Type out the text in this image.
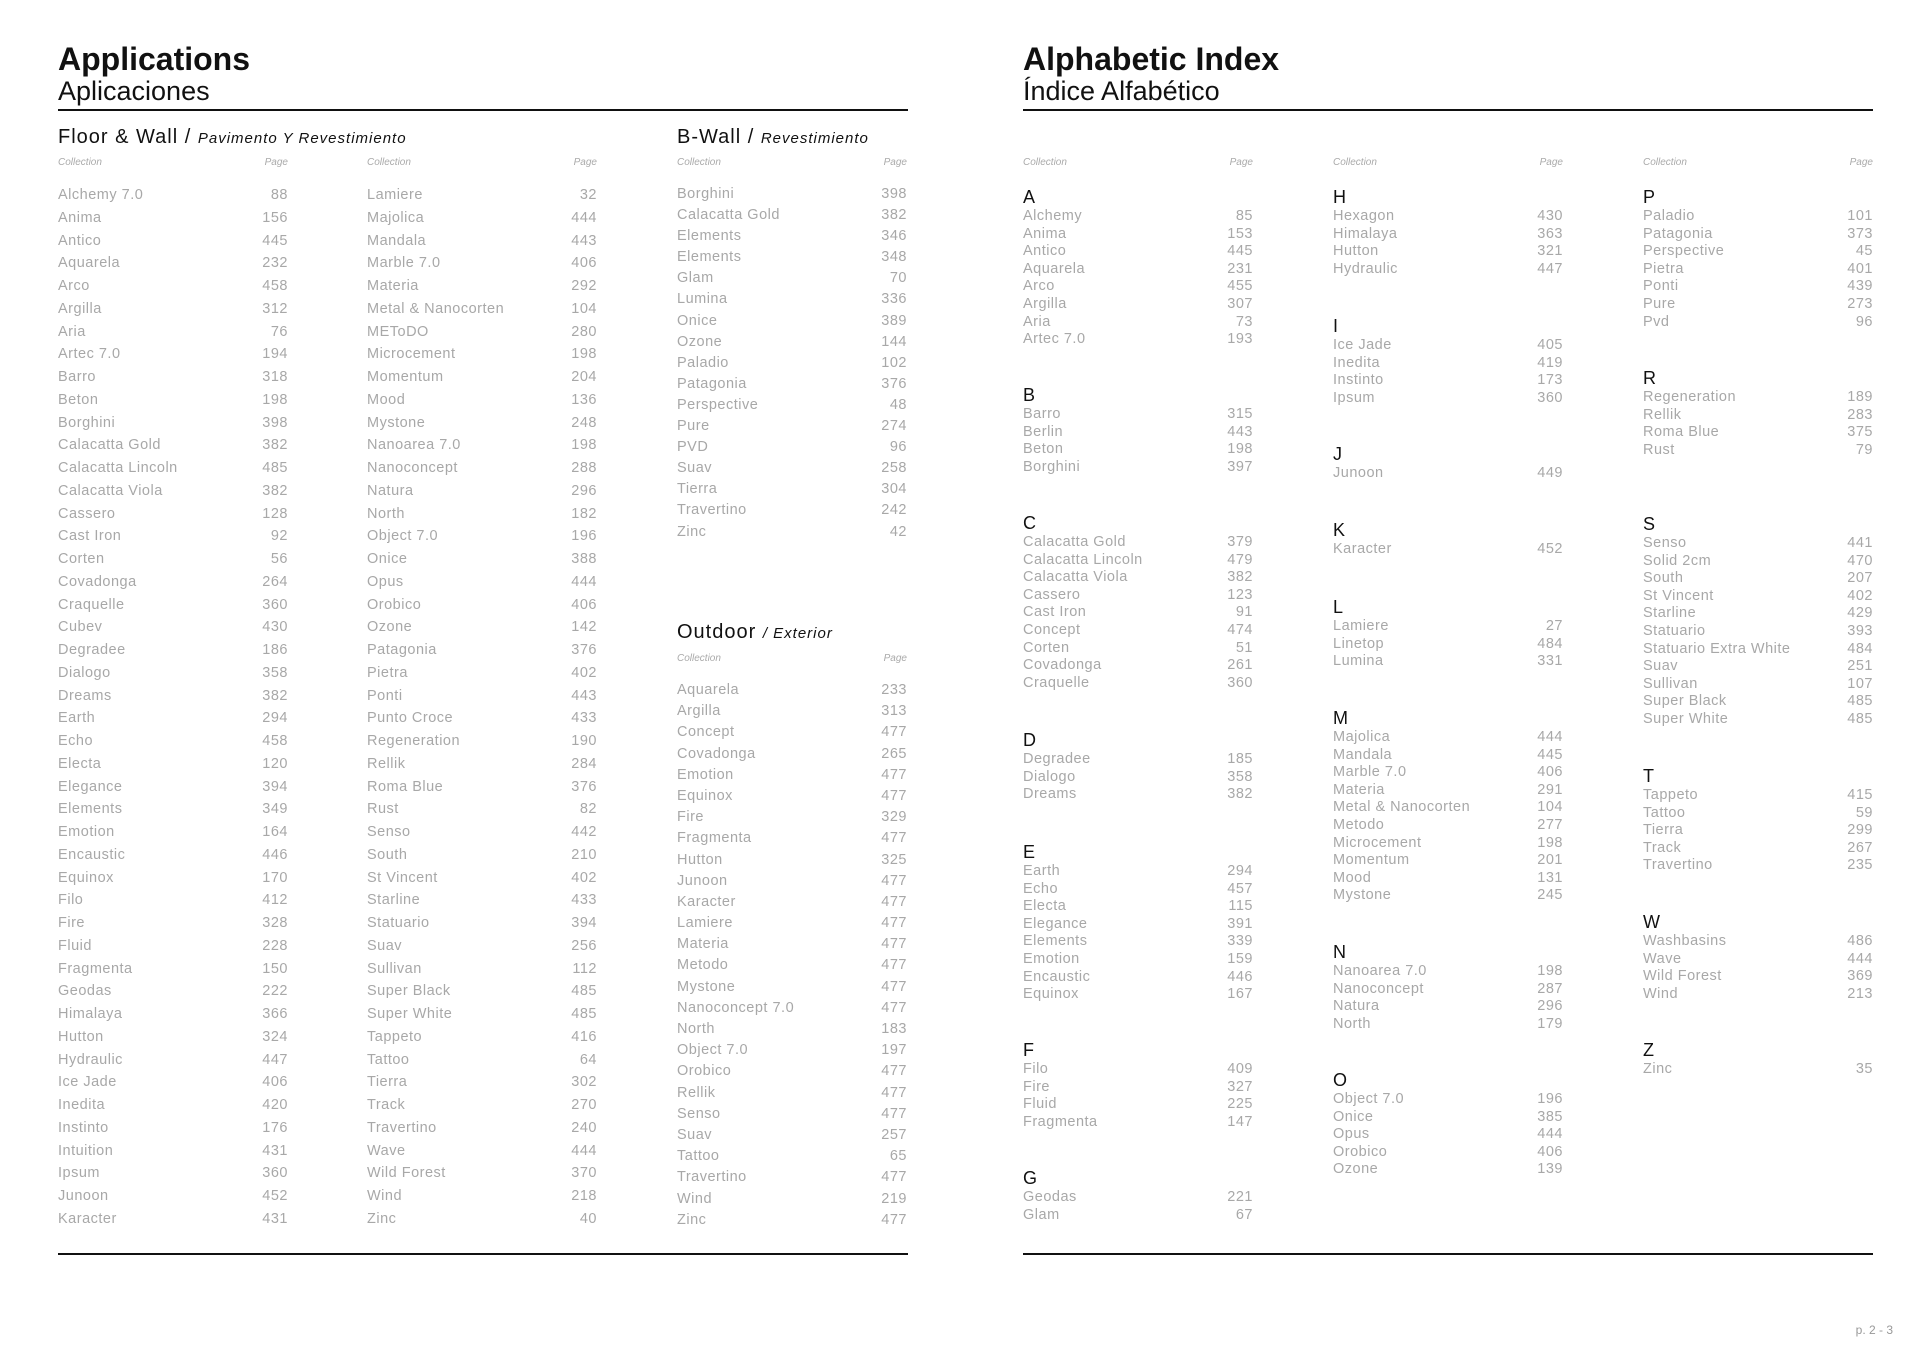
Applications
Aplicaciones
Floor & Wall / Pavimento Y Revestimiento
Collection	Page	Collection	Page
Alchemy 7.0	88
Anima	156
Antico	445
Aquarela	232
Arco	458
Argilla	312
Aria	76
Artec 7.0	194
Barro	318
Beton	198
Borghini	398
Calacatta Gold	382
Calacatta Lincoln	485
Calacatta Viola	382
Cassero	128
Cast Iron	92
Corten	56
Covadonga	264
Craquelle	360
Cubev	430
Degradee	186
Dialogo	358
Dreams	382
Earth	294
Echo	458
Electa	120
Elegance	394
Elements	349
Emotion	164
Encaustic	446
Equinox	170
Filo	412
Fire	328
Fluid	228
Fragmenta	150
Geodas	222
Himalaya	366
Hutton	324
Hydraulic	447
Ice Jade	406
Inedita	420
Instinto	176
Intuition	431
Ipsum	360
Junoon	452
Karacter	431
Lamiere	32
Majolica	444
Mandala	443
Marble 7.0	406
Materia	292
Metal & Nanocorten	104
METoDO	280
Microcement	198
Momentum	204
Mood	136
Mystone	248
Nanoarea 7.0	198
Nanoconcept	288
Natura	296
North	182
Object 7.0	196
Onice	388
Opus	444
Orobico	406
Ozone	142
Patagonia	376
Pietra	402
Ponti	443
Punto Croce	433
Regeneration	190
Rellik	284
Roma Blue	376
Rust	82
Senso	442
South	210
St Vincent	402
Starline	433
Statuario	394
Suav	256
Sullivan	112
Super Black	485
Super White	485
Tappeto	416
Tattoo	64
Tierra	302
Track	270
Travertino	240
Wave	444
Wild Forest	370
Wind	218
Zinc	40
B-Wall / Revestimiento
Collection	Page
Borghini	398
Calacatta Gold	382
Elements	346
Elements	348
Glam	70
Lumina	336
Onice	389
Ozone	144
Paladio	102
Patagonia	376
Perspective	48
Pure	274
PVD	96
Suav	258
Tierra	304
Travertino	242
Zinc	42
Outdoor / Exterior
Collection	Page
Aquarela	233
Argilla	313
Concept	477
Covadonga	265
Emotion	477
Equinox	477
Fire	329
Fragmenta	477
Hutton	325
Junoon	477
Karacter	477
Lamiere	477
Materia	477
Metodo	477
Mystone	477
Nanoconcept 7.0	477
North	183
Object 7.0	197
Orobico	477
Rellik	477
Senso	477
Suav	257
Tattoo	65
Travertino	477
Wind	219
Zinc	477
Alphabetic Index
Índice Alfabético
Collection	Page	Collection	Page	Collection	Page
A
Alchemy	85
Anima	153
Antico	445
Aquarela	231
Arco	455
Argilla	307
Aria	73
Artec 7.0	193
B
Barro	315
Berlin	443
Beton	198
Borghini	397
C
Calacatta Gold	379
Calacatta Lincoln	479
Calacatta Viola	382
Cassero	123
Cast Iron	91
Concept	474
Corten	51
Covadonga	261
Craquelle	360
D
Degradee	185
Dialogo	358
Dreams	382
E
Earth	294
Echo	457
Electa	115
Elegance	391
Elements	339
Emotion	159
Encaustic	446
Equinox	167
F
Filo	409
Fire	327
Fluid	225
Fragmenta	147
G
Geodas	221
Glam	67
H
Hexagon	430
Himalaya	363
Hutton	321
Hydraulic	447
I
Ice Jade	405
Inedita	419
Instinto	173
Ipsum	360
J
Junoon	449
K
Karacter	452
L
Lamiere	27
Linetop	484
Lumina	331
M
Majolica	444
Mandala	445
Marble 7.0	406
Materia	291
Metal & Nanocorten	104
Metodo	277
Microcement	198
Momentum	201
Mood	131
Mystone	245
N
Nanoarea 7.0	198
Nanoconcept	287
Natura	296
North	179
O
Object 7.0	196
Onice	385
Opus	444
Orobico	406
Ozone	139
P
Paladio	101
Patagonia	373
Perspective	45
Pietra	401
Ponti	439
Pure	273
Pvd	96
R
Regeneration	189
Rellik	283
Roma Blue	375
Rust	79
S
Senso	441
Solid 2cm	470
South	207
St Vincent	402
Starline	429
Statuario	393
Statuario Extra White	484
Suav	251
Sullivan	107
Super Black	485
Super White	485
T
Tappeto	415
Tattoo	59
Tierra	299
Track	267
Travertino	235
W
Washbasins	486
Wave	444
Wild Forest	369
Wind	213
Z
Zinc	35
p. 2 - 3
